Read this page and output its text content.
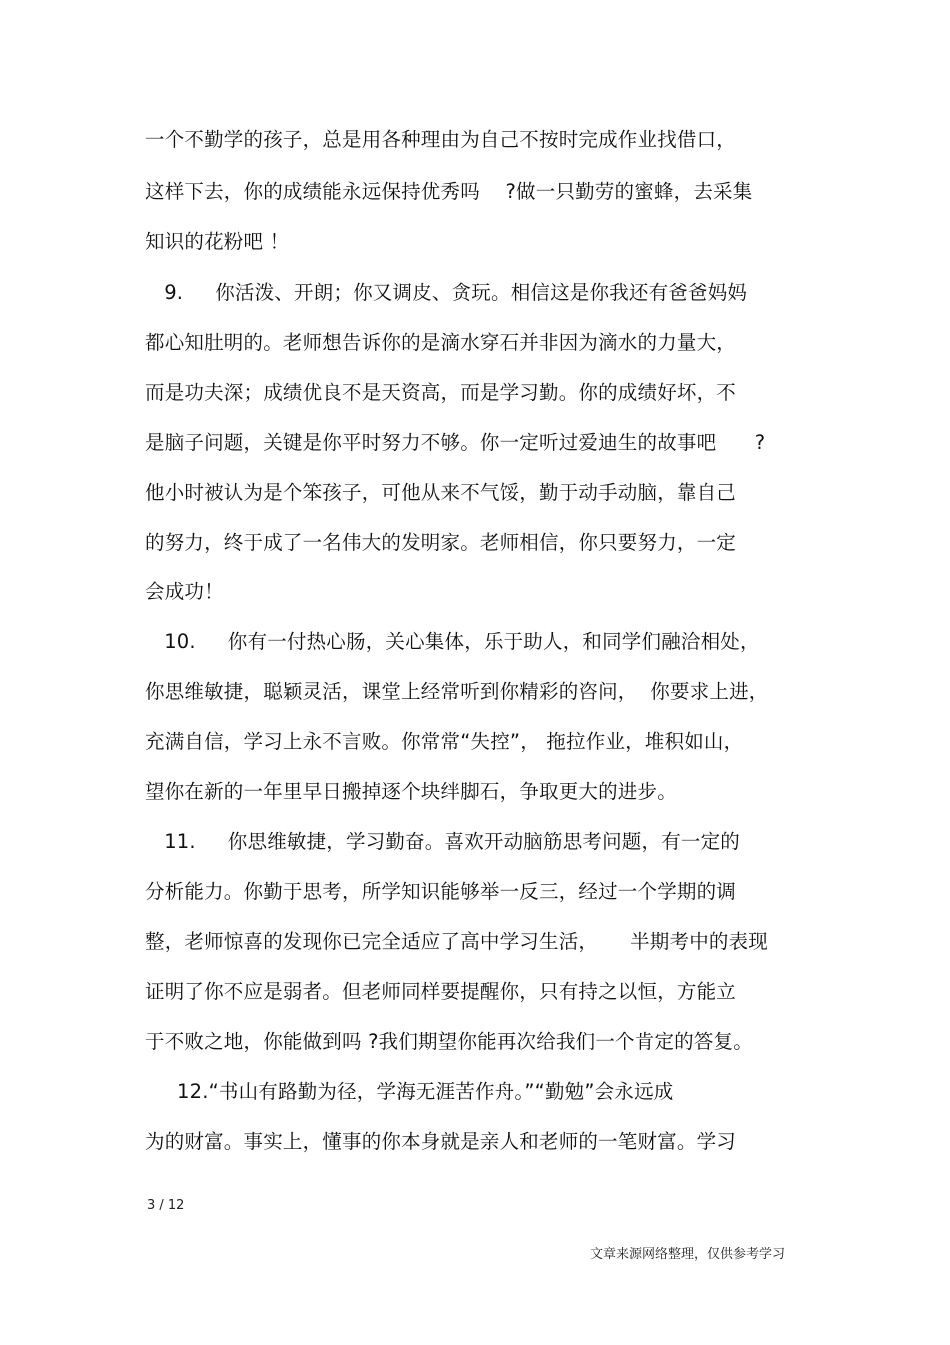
一个不勤学的孩子，总是用各种理由为自己不按时完成作业找借口，
这样下去，你的成绩能永远保持优秀吗    ?做一只勤劳的蜜蜂，去采集
知识的花粉吧 ！
9.     你活泼、开朗；你又调皮、贪玩。相信这是你我还有爸爸妈妈
都心知肚明的。老师想告诉你的是滴水穿石并非因为滴水的力量大，
而是功夫深；成绩优良不是天资高，而是学习勤。你的成绩好坏，不
是脑子问题，关键是你平时努力不够。你一定听过爱迪生的故事吧      ?
他小时被认为是个笨孩子，可他从来不气馁，勤于动手动脑，靠自己
的努力，终于成了一名伟大的发明家。老师相信，你只要努力，一定
会成功！
10.     你有一付热心肠，关心集体，乐于助人，和同学们融洽相处，
你思维敏捷，聪颖灵活，课堂上经常听到你精彩的咨问，  你要求上进，
充满自信，学习上永不言败。你常常“失控”， 拖拉作业，堆积如山，
望你在新的一年里早日搬掉逐个块绊脚石，争取更大的进步。
11.     你思维敏捷，学习勤奋。喜欢开动脑筋思考问题，有一定的
分析能力。你勤于思考，所学知识能够举一反三，经过一个学期的调
整，老师惊喜的发现你已完全适应了高中学习生活，     半期考中的表现
证明了你不应是弱者。但老师同样要提醒你，只有持之以恒，方能立
于不败之地，你能做到吗 ?我们期望你能再次给我们一个肯定的答复。
12.“书山有路勤为径，学海无涯苦作舟。”“勤勉”会永远成
为的财富。事实上，懂事的你本身就是亲人和老师的一笔财富。学习
3 / 12
文章来源网络整理，仅供参考学习
